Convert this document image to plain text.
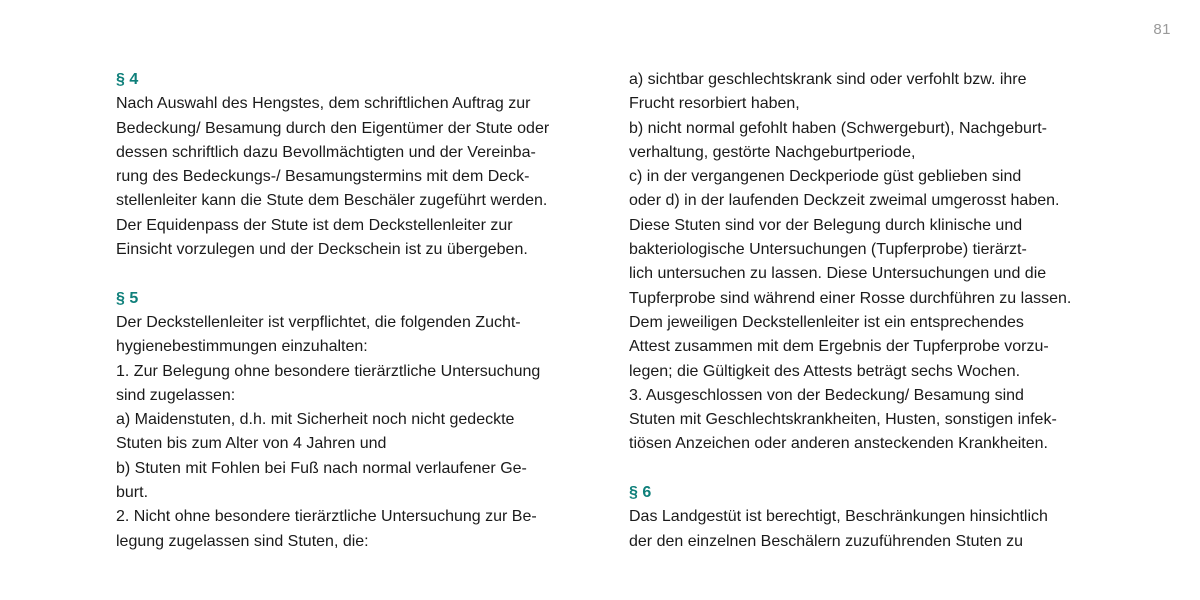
81
§ 4
Nach Auswahl des Hengstes, dem schriftlichen Auftrag zur
Bedeckung/ Besamung durch den Eigentümer der Stute oder
dessen schriftlich dazu Bevollmächtigten und der Vereinba-
rung des Bedeckungs-/ Besamungstermins mit dem Deck-
stellenleiter kann die Stute dem Beschäler zugeführt werden.
Der Equidenpass der Stute ist dem Deckstellenleiter zur
Einsicht vorzulegen und der Deckschein ist zu übergeben.
§ 5
Der Deckstellenleiter ist verpflichtet, die folgenden Zucht-
hygienebestimmungen einzuhalten:
1. Zur Belegung ohne besondere tierärztliche Untersuchung
sind zugelassen:
a) Maidenstuten, d.h. mit Sicherheit noch nicht gedeckte
Stuten bis zum Alter von 4 Jahren und
b) Stuten mit Fohlen bei Fuß nach normal verlaufener Ge-
burt.
2. Nicht ohne besondere tierärztliche Untersuchung zur Be-
legung zugelassen sind Stuten, die:
a) sichtbar geschlechtskrank sind oder verfohlt bzw. ihre
Frucht resorbiert haben,
b) nicht normal gefohlt haben (Schwergeburt), Nachgeburt-
verhaltung, gestörte Nachgeburtperiode,
c) in der vergangenen Deckperiode güst geblieben sind
oder d) in der laufenden Deckzeit zweimal umgerosst haben.
Diese Stuten sind vor der Belegung durch klinische und
bakteriologische Untersuchungen (Tupferprobe) tierärzt-
lich untersuchen zu lassen. Diese Untersuchungen und die
Tupferprobe sind während einer Rosse durchführen zu lassen.
Dem jeweiligen Deckstellenleiter ist ein entsprechendes
Attest zusammen mit dem Ergebnis der Tupferprobe vorzu-
legen; die Gültigkeit des Attests beträgt sechs Wochen.
3. Ausgeschlossen von der Bedeckung/ Besamung sind
Stuten mit Geschlechtskrankheiten, Husten, sonstigen infek-
tiösen Anzeichen oder anderen ansteckenden Krankheiten.
§ 6
Das Landgestüt ist berechtigt, Beschränkungen hinsichtlich
der den einzelnen Beschälern zuzuführenden Stuten zu
